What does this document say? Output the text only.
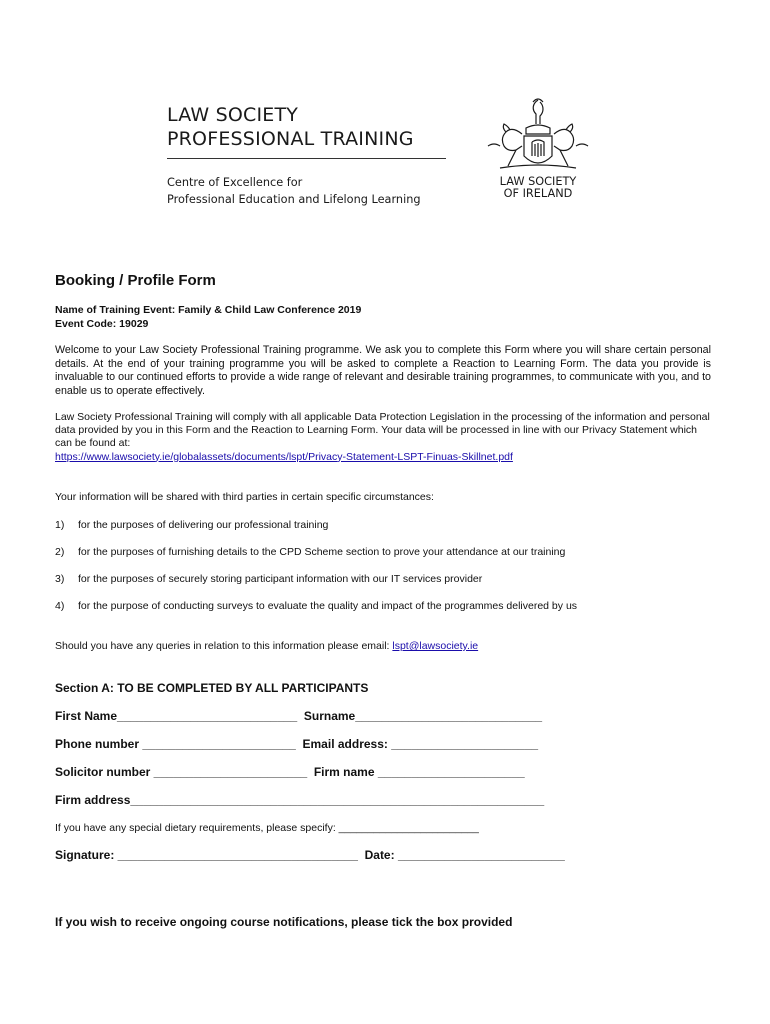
LAW SOCIETY
PROFESSIONAL TRAINING
Centre of Excellence for
Professional Education and Lifelong Learning
LAW SOCIETY
OF IRELAND
Booking / Profile Form
Name of Training Event: Family & Child Law Conference 2019
Event Code: 19029
Welcome to your Law Society Professional Training programme. We ask you to complete this Form where you will share certain personal details. At the end of your training programme you will be asked to complete a Reaction to Learning Form. The data you provide is invaluable to our continued efforts to provide a wide range of relevant and desirable training programmes, to communicate with you, and to enable us to operate effectively.
Law Society Professional Training will comply with all applicable Data Protection Legislation in the processing of the information and personal data provided by you in this Form and the Reaction to Learning Form. Your data will be processed in line with our Privacy Statement which can be found at:
https://www.lawsociety.ie/globalassets/documents/lspt/Privacy-Statement-LSPT-Finuas-Skillnet.pdf
Your information will be shared with third parties in certain specific circumstances:
1) for the purposes of delivering our professional training
2) for the purposes of furnishing details to the CPD Scheme section to prove your attendance at our training
3) for the purposes of securely storing participant information with our IT services provider
4) for the purpose of conducting surveys to evaluate the quality and impact of the programmes delivered by us
Should you have any queries in relation to this information please email: lspt@lawsociety.ie
Section A: TO BE COMPLETED BY ALL PARTICIPANTS
First Name___________________________  Surname____________________________
Phone number _______________________  Email address: ______________________
Solicitor number _______________________  Firm name ______________________
Firm address______________________________________________________________
If you have any special dietary requirements, please specify: ________________________
Signature: ____________________________________  Date: _________________________
If you wish to receive ongoing course notifications, please tick the box provided
